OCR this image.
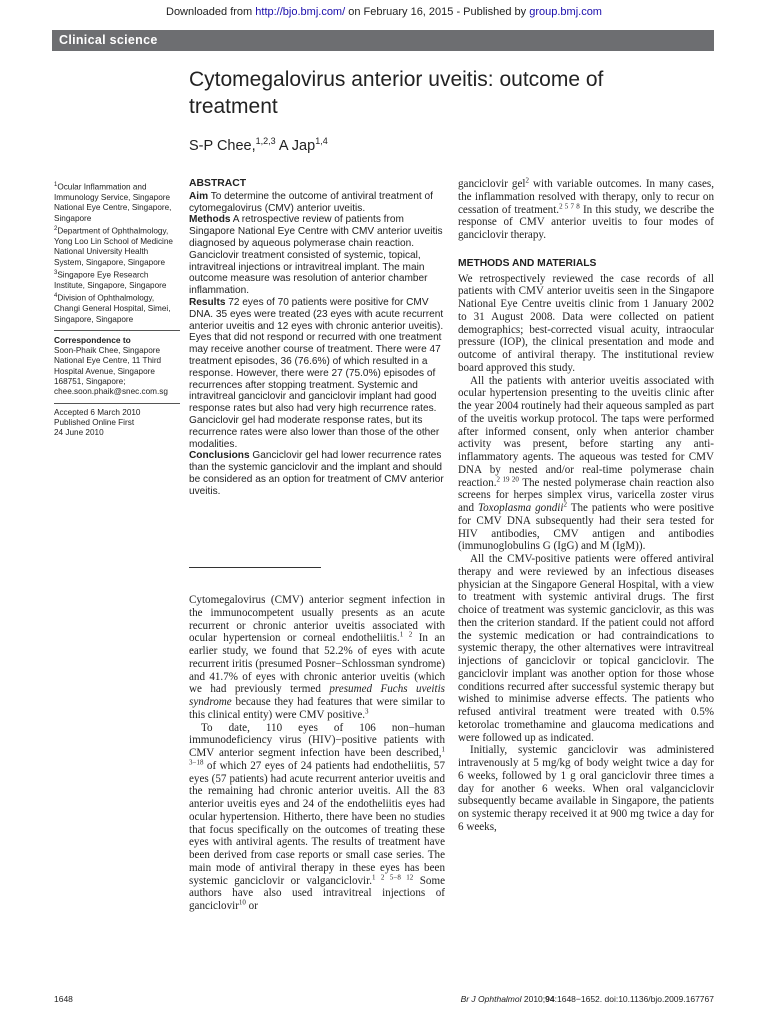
Downloaded from http://bjo.bmj.com/ on February 16, 2015 - Published by group.bmj.com
Clinical science
Cytomegalovirus anterior uveitis: outcome of treatment
S-P Chee,$^{1,2,3}$ A Jap$^{1,4}$

$^1$Ocular Inflammation and Immunology Service, Singapore National Eye Centre, Singapore, Singapore

$^2$Department of Ophthalmology, Yong Loo Lin School of Medicine National University Health System, Singapore, Singapore

$^3$Singapore Eye Research Institute, Singapore, Singapore

$^4$Division of Ophthalmology, Changi General Hospital, Simei, Singapore, Singapore

Correspondence to

Soon-Phaik Chee, Singapore National Eye Centre, 11 Third Hospital Avenue, Singapore 168751, Singapore; chee.soon.phaik@snec.com.sg

Accepted 6 March 2010

Published Online First

24 June 2010

ABSTRACT

Aim To determine the outcome of antiviral treatment of cytomegalovirus (CMV) anterior uveitis.

Methods A retrospective review of patients from Singapore National Eye Centre with CMV anterior uveitis diagnosed by aqueous polymerase chain reaction. Ganciclovir treatment consisted of systemic, topical, intravitreal injections or intravitreal implant. The main outcome measure was resolution of anterior chamber inflammation.

Results 72 eyes of 70 patients were positive for CMV DNA. 35 eyes were treated (23 eyes with acute recurrent anterior uveitis and 12 eyes with chronic anterior uveitis). Eyes that did not respond or recurred with one treatment may receive another course of treatment. There were 47 treatment episodes, 36 (76.6%) of which resulted in a response. However, there were 27 (75.0%) episodes of recurrences after stopping treatment. Systemic and intravitreal ganciclovir and ganciclovir implant had good response rates but also had very high recurrence rates. Ganciclovir gel had moderate response rates, but its recurrence rates were also lower than those of the other modalities.

Conclusions Ganciclovir gel had lower recurrence rates than the systemic ganciclovir and the implant and should be considered as an option for treatment of CMV anterior uveitis.

Cytomegalovirus (CMV) anterior segment infection in the immunocompetent usually presents as an acute recurrent or chronic anterior uveitis associated with ocular hypertension or corneal endotheliitis.$^{1 2}$ In an earlier study, we found that 52.2% of eyes with acute recurrent iritis (presumed Posner−Schlossman syndrome) and 41.7% of eyes with chronic anterior uveitis (which we had previously termed presumed Fuchs uveitis syndrome because they had features that were similar to this clinical entity) were CMV positive.$^3$

To date, 110 eyes of 106 non−human immunodeficiency virus (HIV)−positive patients with CMV anterior segment infection have been described,$^{1 3-18}$ of which 27 eyes of 24 patients had endotheliitis, 57 eyes (57 patients) had acute recurrent anterior uveitis and the remaining had chronic anterior uveitis. All the 83 anterior uveitis eyes and 24 of the endotheliitis eyes had ocular hypertension. Hitherto, there have been no studies that focus specifically on the outcomes of treating these eyes with antiviral agents. The results of treatment have been derived from case reports or small case series. The main mode of antiviral therapy in these eyes has been systemic ganciclovir or valganciclovir.$^{1 2 5-8 12}$ Some authors have also used intravitreal injections of ganciclovir$^{10}$ or

ganciclovir gel$^2$ with variable outcomes. In many cases, the inflammation resolved with therapy, only to recur on cessation of treatment.$^{2 5 7 8}$ In this study, we describe the response of CMV anterior uveitis to four modes of ganciclovir therapy.

METHODS AND MATERIALS

We retrospectively reviewed the case records of all patients with CMV anterior uveitis seen in the Singapore National Eye Centre uveitis clinic from 1 January 2002 to 31 August 2008. Data were collected on patient demographics; best-corrected visual acuity, intraocular pressure (IOP), the clinical presentation and mode and outcome of antiviral therapy. The institutional review board approved this study.

All the patients with anterior uveitis associated with ocular hypertension presenting to the uveitis clinic after the year 2004 routinely had their aqueous sampled as part of the uveitis workup protocol. The taps were performed after informed consent, only when anterior chamber activity was present, before starting any anti-inflammatory agents. The aqueous was tested for CMV DNA by nested and/or real-time polymerase chain reaction.$^{2 19 20}$ The nested polymerase chain reaction also screens for herpes simplex virus, varicella zoster virus and Toxoplasma gondii$^2$ The patients who were positive for CMV DNA subsequently had their sera tested for HIV antibodies, CMV antigen and antibodies (immunoglobulins G (IgG) and M (IgM)).

All the CMV-positive patients were offered antiviral therapy and were reviewed by an infectious diseases physician at the Singapore General Hospital, with a view to treatment with systemic antiviral drugs. The first choice of treatment was systemic ganciclovir, as this was then the criterion standard. If the patient could not afford the systemic medication or had contraindications to systemic therapy, the other alternatives were intravitreal injections of ganciclovir or topical ganciclovir. The ganciclovir implant was another option for those whose conditions recurred after successful systemic therapy but wished to minimise adverse effects. The patients who refused antiviral treatment were treated with 0.5% ketorolac tromethamine and glaucoma medications and were followed up as indicated.

Initially, systemic ganciclovir was administered intravenously at 5 mg/kg of body weight twice a day for 6 weeks, followed by 1 g oral ganciclovir three times a day for another 6 weeks. When oral valganciclovir subsequently became available in Singapore, the patients on systemic therapy received it at 900 mg twice a day for 6 weeks,

1648	Br J Ophthalmol 2010;94:1648−1652. doi:10.1136/bjo.2009.167767
